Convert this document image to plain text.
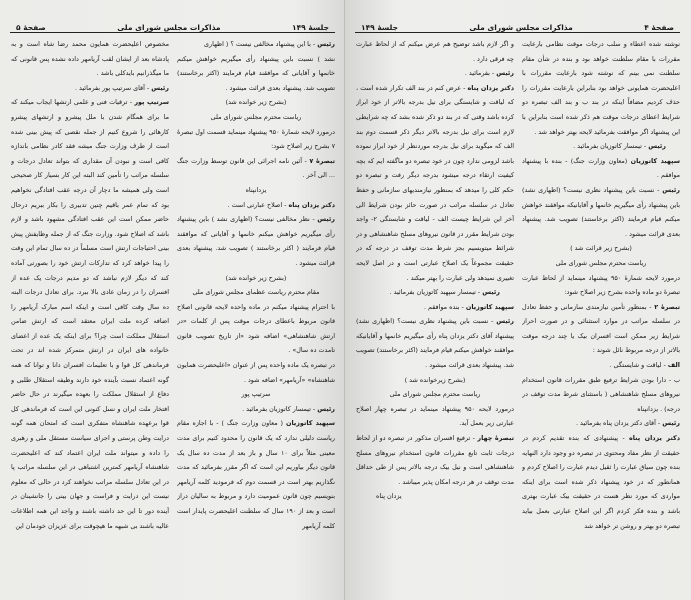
جلسهٔ ۱۴۹
مذاکرات مجلس شورای ملی
صفحهٔ ۵

رئیس - با این پیشنهاد مخالفی نیست ؟ ( اظهاری

نشد ) نسبت باین پیشنهاد رأی میگیریم خواهش میکنم خانمها و آقایانی که موافقند قیام فرمایند (اکثر برخاستند) تصویب شد. پیشنهاد بعدی قرائت میشود .

(بشرح زیر خوانده شد)

ریاست محترم مجلس شورای ملی

درمورد لایحه شمارهٔ ۹۵۰ پیشنهاد مینماید قسمت اول تبصرهٔ ۷ بشرح زیر اصلاح شود:

تبصرهٔ ۷ - آئین نامه اجرائی این قانون توسط وزارت جنگ ... الی آخر .

یزدانپناه

دکتر یزدان پناه - اصلاح عبارتی است .

رئیس - نظر مخالفی نیست؟ (اظهاری نشد ) باین پیشنهاد رأی میگیریم خواهش میکنم خانمها و آقایانی که موافقند قیام فرمایند ( اکثر برخاستند ) تصویب شد. پیشنهاد بعدی قرائت میشود .

(بشرح زیر خوانده شد)

مقام محترم ریاست عظمای مجلس شورای ملی

با احترام پیشنهاد میکنم در ماده واحده لایحه قانونی اصلاح قانون مربوط باعطای درجات موقت پس از کلمات «در ارتش شاهنشاهی» اضافه شود «از تاریخ تصویب قانون تامدت ده سال» .

در تبصره یک ماده واحده پس از عنوان «اعلیحضرت همایون شاهنشاه» «آریامهر» اضافه شود .

سرتیپ پور

رئیس - تیمسار کاتوزیان بفرمائید .

سپهبد کاتوزیان ( معاون وزارت جنگ ) - با اجازه مقام ریاست دلیلی ندارد که یک قانون را محدود کنیم برای مدت معینی مثلاً برای ۱۰ سال و باز بعد از مدت ده سال یک قانون دیگر بیاوریم این است که اگر مقرر بفرمائید که مدت نگذاریم بهتر است در قسمت دوم که فرمودید کلمه آریامهر بنویسیم چون قانون عمومیت دارد و مربوط به سالیان دراز است و بعد از ۱۹۰ سال که سلطنت اعلیحضرت پایدار است کلمه آریامهر

مخصوص اعلیحضرت همایون محمد رضا شاه است و به پادشاه بعد از ایشان لقب آریامهر داده نشده پس قانونی که ما میگذرانیم بایدکلی باشد .

رئیس - آقای سرتیپ پور بفرمائید .

سرتیپ پور - ترقیات فنی و علمی ارتشها ایجاب میکند که ما برای همگام شدن با ملل پیشرو و ارتشهای پیشرو کارهائی را شروع کنیم از جمله نقصی که پیش بینی شده است از طرف وزارت جنگ میشه فقد کادر نظامی باندازه کافی است و نبودن آن مقداری که بتواند تعادل درجات و سلسله مراتب را تأمین کند البته این کار بسیار کار صحیحی است ولی همیشه ما دچار آن درجه عقب افتادگی نخواهیم بود که تمام عمر باقیم چنین تدبیری را بکار ببریم درحال حاضر ممکن است این عقب افتادگی مشهود باشد و لازم باشد که اصلاح شود. وزارت جنگ که از جمله وظایفش پیش بینی احتیاجات ارتش است مسلماً در ده سال تمام این وقت را پیدا خواهد کرد که تدارکات ارتش خود را بصورتی آماده کند که دیگر لازم نباشد که دو مدیم درجات یک عده از افسران را در زمان عادی بالا ببرد. برای تعادل درجات البته ده سال وقت کافی است و اینکه اسم مبارک آریامهر را اضافه کرده ملت ایران معتقد است که ارتش ضامن استقلال مملکت است چرا؟ برای اینکه یک عده از اعضای خانواده های ایران در ارتش متمرکز شده اند در تحت فرماندهی کل قوا و با تعلیمات افسران دانا و توانا که همه گونه اعتماد نسبت بآینده خود دارند وظیفه استقلال طلبی و دفاع از استقلال مملکت را بعهده میگیرند در حال حاضر افتخار ملت ایران و نسل کنونی این است که فرماندهی کل قوا برعهده شاهنشاه متفکری است که امتحان همه گونه درایت وطن پرستی و اجرای سیاست مستقل ملی و رهبری را داده و میتواند ملت ایران اعتماد کند که اعلیحضرت شاهنشاه آریامهر کمترین اشتباهی در این سلسله مراتب پا در این تعادل سلسله مراتب نخواهند کرد در حالی که معلوم نیست این درایت و فراست و جهان بینی را جانشینان در آینده دور تا این حد داشته باشند و واجد این همه اطلاعات عالیه باشند بی شبهه ما هیچوقت برای عزیزان خودمان این

صفحهٔ ۴
مذاکرات مجلس شورای ملی
جلسهٔ ۱۴۹

نوشته شده اعطاء و سلب درجات موقت نظامی بارعایت مقررات با مقام سلطنت خواهد بود و بنده در شأن مقام سلطنت نمی بینم که نوشته شود بارعایت مقررات با اعلیحضرت همایونی خواهد بود بنابراین بارعایت مقررات را حذف کردیم مضافاً اینکه در بند ب و بند الف تبصره دو شرایط اعطای درجات موقت هم ذکر شده است بنابراین با این پیشنهاد اگر موافقت بفرمائید لایحه بهتر خواهد شد .

رئیس - تیمسار کاتوزیان بفرمائید .

سپهبد کاتوزیان (معاون وزارت جنگ) - بنده با پیشنهاد موافقم .

رئیس - نسبت باین پیشنهاد نظری نیست؟ (اظهاری نشد) باین پیشنهاد رأی میگیریم خانمها و آقایانیکه موافقند خواهش میکنم قیام فرمایند (اکثر برخاستند) تصویب شد. پیشنهاد بعدی قرائت میشود .

(بشرح زیر قرائت شد )

ریاست محترم مجلس شورای ملی

درمورد لایحه شمارهٔ ۹۵۰ پیشنهاد مینماید از لحاظ عبارت تبصرهٔ دو ماده واحده بشرح زیر اصلاح شود:

تبصرهٔ ۲ - بمنظور تأمین نیازمندی سازمانی و حفظ تعادل در سلسله مراتب در موارد استثنائی و در صورت احراز شرایط زیر ممکن است افسران بیک یا چند درجه موقت بالاتر از درجه مربوط نائل شوند :

الف - لیاقت و شایستگی .

ب - دارا بودن شرایط ترفیع طبق مقررات قانون استخدام نیروهای مسلح شاهنشاهی ( باستثنای شرط مدت توقف در درجه) . یزدانپناه

رئیس - آقای دکتر یزدان پناه بفرمائید .

دکتر یزدان پناه - پیشنهادی که بنده تقدیم کردم در حقیقت از نظر مفاد ومحتوی در تبصره دو وجود دارد النهایه بنده چون سیاق عبارت را ثقیل دیدم عبارت را اصلاح کردم و همانطور که در خود پیشنهاد ذکر شده است برای اینکه مواردی که مورد نظر هست در حقیقت بیک عبارت بهتری باشد و بنده فکر کردم اگر این اصلاح عبارتی بعمل بیاید تبصره دو بهتر و روشن تر خواهد شد

و اگر لازم باشد توضیح هم عرض میکنم که از لحاظ عبارت چه فرقی دارد .

رئیس - بفرمائید .

دکتر یزدان پناه - عرض کنم در بند الف تکرار شده است ، که لیاقت و شایستگی برای نیل بدرجه بالاتر از خود ابراز کرده باشد وقتی که در بند دو ذکر شده بشد که چه شرایطی لازم است برای نیل بدرجه بالاتر دیگر ذکر قسمت دوم بند الف که میگوید برای نیل بدرجه موردنظر از خود ابراز نموده باشد لزومی ندارد چون در خود تبصره دو ماگفته ایم که بچه کیفیت ارتقاء درجه میشود بدرجه دیگر رفت و تبصره دو حکم کلی را میدهد که بمنظور نیازمندیهای سازمانی و حفظ تعادل در سلسله مراتب در صورت حائز بودن شرایط الی آخر این شرایط چیست الف - لیاقت و شایستگی ۲- واجد بودن شرایط مقرر در قانون نیروهای مسلح شاهنشاهی و در شرائط میتویسیم بجز شرط مدت توقف در درجه که در حقیقت مجموعاً یک اصلاح عبارتی است و در اصل لایحه تغییری نمیدهد ولی عبارت را بهتر میکند .

رئیس - تیمسار سپهبد کاتوزیان بفرمائید .

سپهبد کاتوزیان - بنده موافقم .

رئیس - نسبت باین پیشنهاد نظری نیست؟ (اظهاری نشد) پیشنهاد آقای دکتر یزدان پناه رأی میگیریم خانمها و آقایانیکه موافقند خواهش میکنم قیام فرمایند (اکثر برخاستند) تصویب شد. پیشنهاد بعدی قرائت میشود .

(بشرح زیرخوانده شد )

ریاست محترم مجلس شورای ملی

درمورد لایحه ۹۵۰ پیشنهاد مینماید در تبصره چهار اصلاح عبارتی زیر بعمل آید.

تبصرهٔ چهار - ترفیع افسران مذکور در تبصره دو از لحاظ درجات ثابت تابع مقررات قانون استخدام نیروهای مسلح شاهنشاهی است و نیل بیک درجه بالاتر پس از طی حداقل مدت توقف در هر درجه امکان پذیر میباشد .

یزدان پناه
